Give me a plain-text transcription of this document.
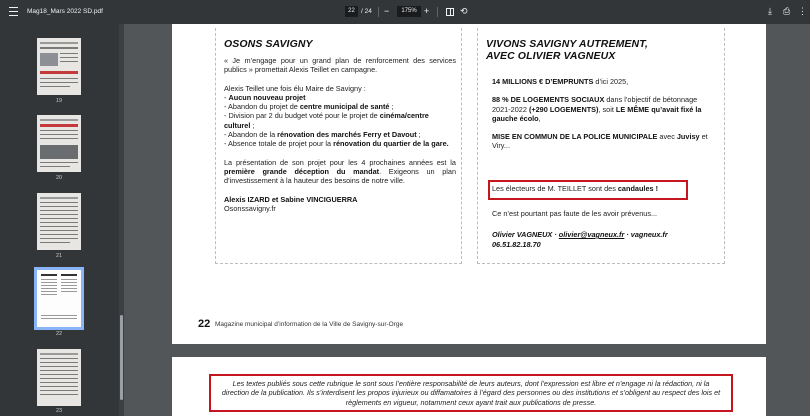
Mag18_Mars 2022 SD.pdf	22 / 24 −	175% +	⟲	⤓ ⎙ ⋮
19
20
21
22
23
OSONS SAVIGNY
« Je m’engage pour un grand plan de renforcement des services publics » promettait Alexis Teillet en campagne.
Alexis Teillet une fois élu Maire de Savigny :
- Aucun nouveau projet
- Abandon du projet de centre municipal de santé ;
- Division par 2 du budget voté pour le projet de cinéma/centre culturel ;
- Abandon de la rénovation des marchés Ferry et Davout ;
- Absence totale de projet pour la rénovation du quartier de la gare.
La présentation de son projet pour les 4 prochaines années est la première grande déception du mandat. Exigeons un plan d’investissement à la hauteur des besoins de notre ville.
Alexis IZARD et Sabine VINCIGUERRA
Osonssavigny.fr
VIVONS SAVIGNY AUTREMENT,
AVEC OLIVIER VAGNEUX
14 MILLIONS € D’EMPRUNTS d’ici 2025,
88 % DE LOGEMENTS SOCIAUX dans l’objectif de bétonnage 2021-2022 (+290 LOGEMENTS), soit LE MÊME qu’avait fixé la gauche écolo,
MISE EN COMMUN DE LA POLICE MUNICIPALE avec Juvisy et Viry...
Les électeurs de M. TEILLET sont des candaules !
Ce n’est pourtant pas faute de les avoir prévenus...
Olivier VAGNEUX · olivier@vagneux.fr · vagneux.fr
06.51.82.18.70
22 Magazine municipal d’information de la Ville de Savigny-sur-Orge
Les textes publiés sous cette rubrique le sont sous l’entière responsabilité de leurs auteurs, dont l’expression est libre et n’engage ni la rédaction, ni la direction de la publication. Ils s’interdisent les propos injurieux ou diffamatoires à l’égard des personnes ou des institutions et s’obligent au respect des lois et règlements en vigueur, notamment ceux ayant trait aux publications de presse.
